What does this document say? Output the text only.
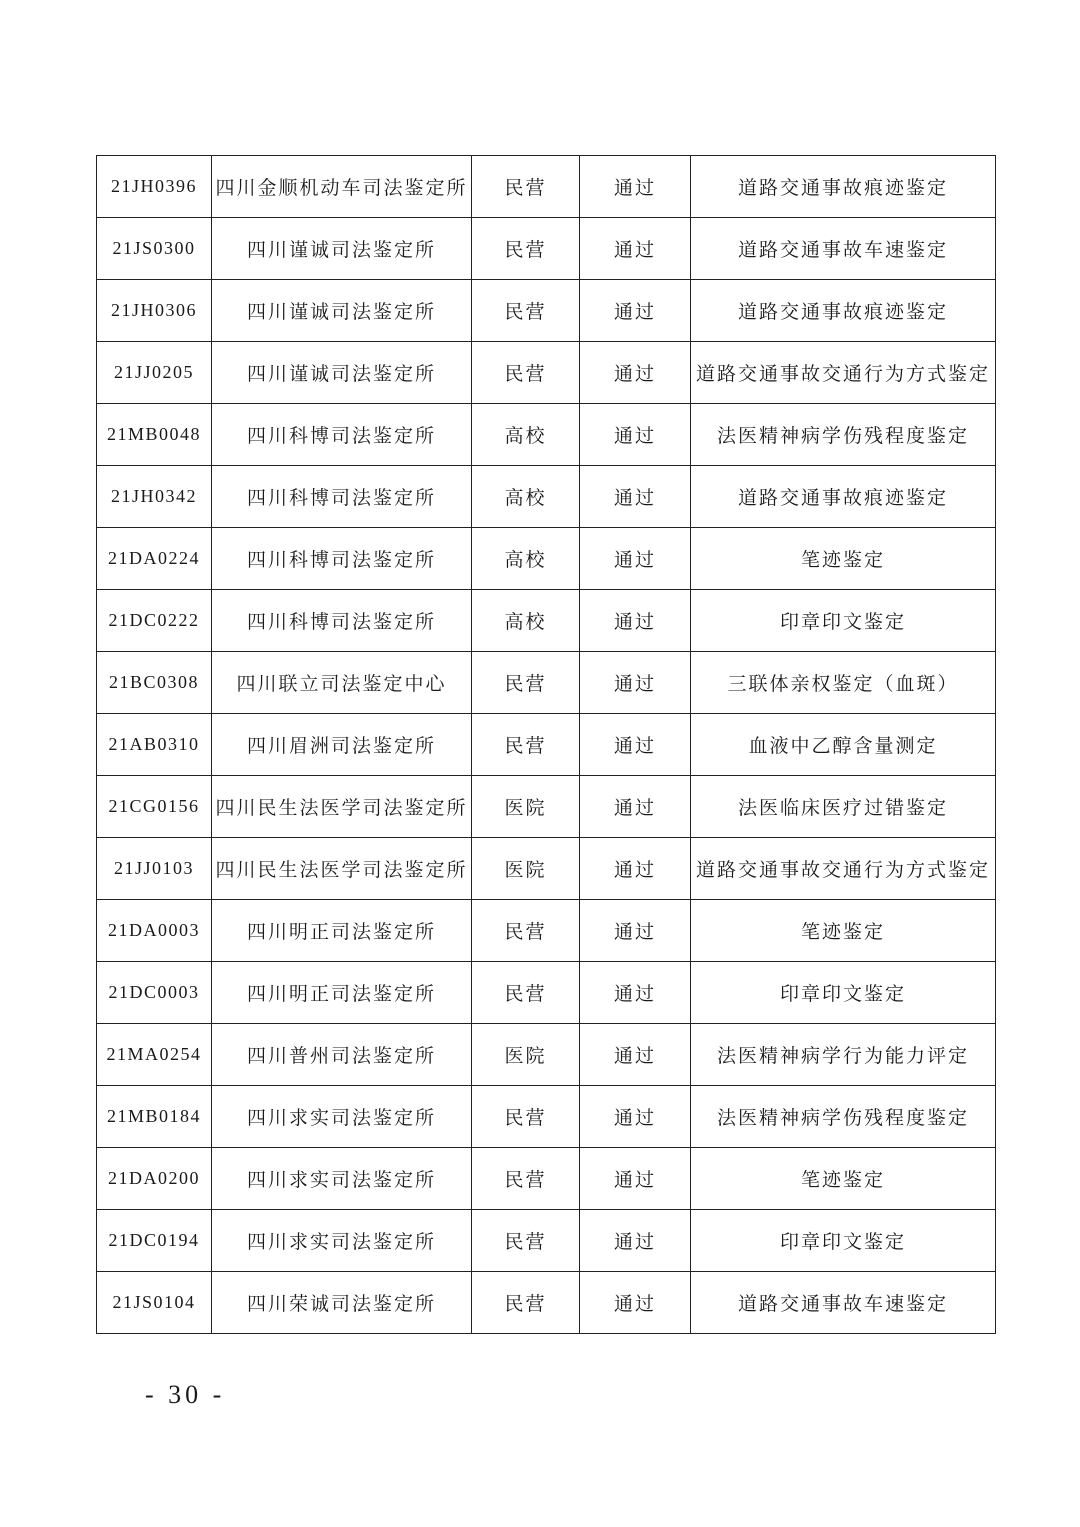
21JH0396	四川金顺机动车司法鉴定所	民营	通过	道路交通事故痕迹鉴定
21JS0300	四川谨诚司法鉴定所	民营	通过	道路交通事故车速鉴定
21JH0306	四川谨诚司法鉴定所	民营	通过	道路交通事故痕迹鉴定
21JJ0205	四川谨诚司法鉴定所	民营	通过	道路交通事故交通行为方式鉴定
21MB0048	四川科博司法鉴定所	高校	通过	法医精神病学伤残程度鉴定
21JH0342	四川科博司法鉴定所	高校	通过	道路交通事故痕迹鉴定
21DA0224	四川科博司法鉴定所	高校	通过	笔迹鉴定
21DC0222	四川科博司法鉴定所	高校	通过	印章印文鉴定
21BC0308	四川联立司法鉴定中心	民营	通过	三联体亲权鉴定（血斑）
21AB0310	四川眉洲司法鉴定所	民营	通过	血液中乙醇含量测定
21CG0156	四川民生法医学司法鉴定所	医院	通过	法医临床医疗过错鉴定
21JJ0103	四川民生法医学司法鉴定所	医院	通过	道路交通事故交通行为方式鉴定
21DA0003	四川明正司法鉴定所	民营	通过	笔迹鉴定
21DC0003	四川明正司法鉴定所	民营	通过	印章印文鉴定
21MA0254	四川普州司法鉴定所	医院	通过	法医精神病学行为能力评定
21MB0184	四川求实司法鉴定所	民营	通过	法医精神病学伤残程度鉴定
21DA0200	四川求实司法鉴定所	民营	通过	笔迹鉴定
21DC0194	四川求实司法鉴定所	民营	通过	印章印文鉴定
21JS0104	四川荣诚司法鉴定所	民营	通过	道路交通事故车速鉴定
- 30 -
